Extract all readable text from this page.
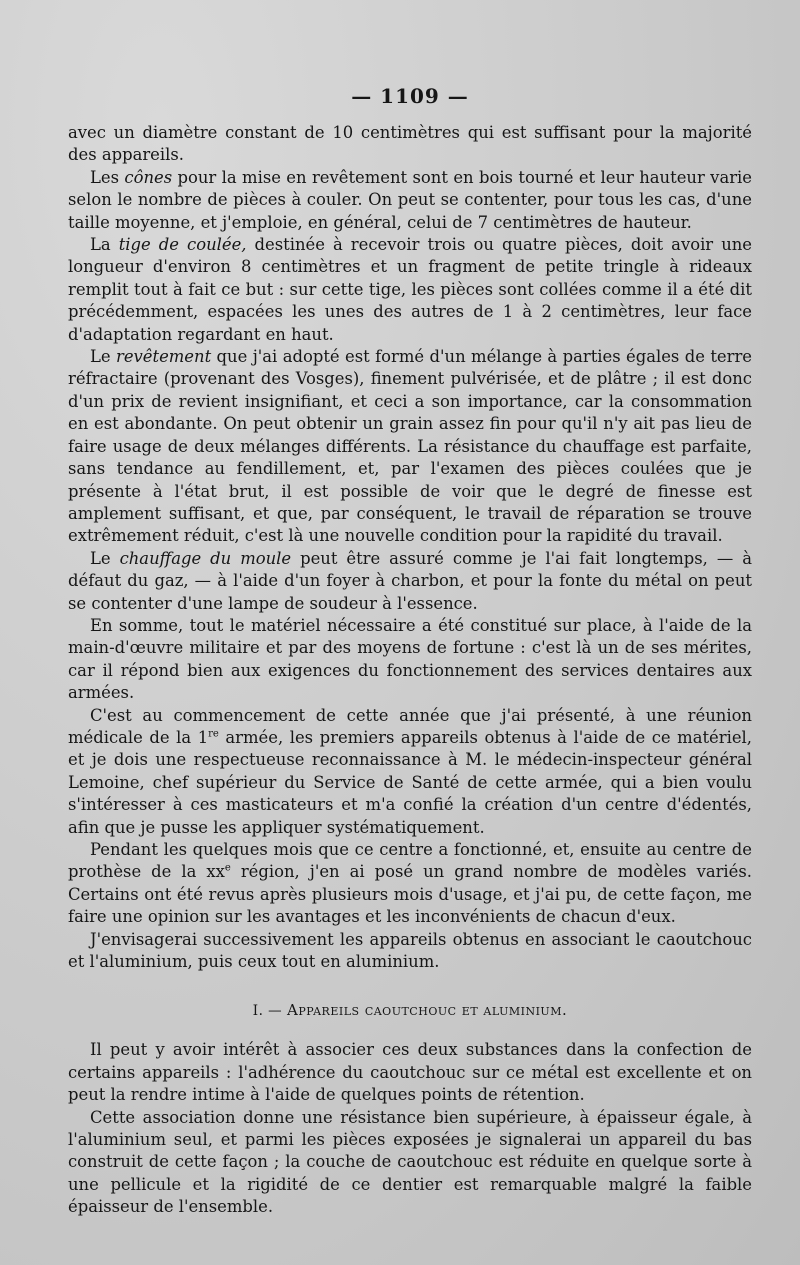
— 1109 —

avec un diamètre constant de 10 centimètres qui est suffisant pour la majorité des appareils.

Les cônes pour la mise en revêtement sont en bois tourné et leur hauteur varie selon le nombre de pièces à couler. On peut se contenter, pour tous les cas, d'une taille moyenne, et j'emploie, en général, celui de 7 centimètres de hauteur.

La tige de coulée, destinée à recevoir trois ou quatre pièces, doit avoir une longueur d'environ 8 centimètres et un fragment de petite tringle à rideaux remplit tout à fait ce but : sur cette tige, les pièces sont collées comme il a été dit précédemment, espacées les unes des autres de 1 à 2 centimètres, leur face d'adaptation regardant en haut.

Le revêtement que j'ai adopté est formé d'un mélange à parties égales de terre réfractaire (provenant des Vosges), finement pulvérisée, et de plâtre ; il est donc d'un prix de revient insignifiant, et ceci a son importance, car la consommation en est abondante. On peut obtenir un grain assez fin pour qu'il n'y ait pas lieu de faire usage de deux mélanges différents. La résistance du chauffage est parfaite, sans tendance au fendillement, et, par l'examen des pièces coulées que je présente à l'état brut, il est possible de voir que le degré de finesse est amplement suffisant, et que, par conséquent, le travail de réparation se trouve extrêmement réduit, c'est là une nouvelle condition pour la rapidité du travail.

Le chauffage du moule peut être assuré comme je l'ai fait longtemps, — à défaut du gaz, — à l'aide d'un foyer à charbon, et pour la fonte du métal on peut se contenter d'une lampe de soudeur à l'essence.

En somme, tout le matériel nécessaire a été constitué sur place, à l'aide de la main-d'œuvre militaire et par des moyens de fortune : c'est là un de ses mérites, car il répond bien aux exigences du fonctionnement des services dentaires aux armées.

C'est au commencement de cette année que j'ai présenté, à une réunion médicale de la 1re armée, les premiers appareils obtenus à l'aide de ce matériel, et je dois une respectueuse reconnaissance à M. le médecin-inspecteur général Lemoine, chef supérieur du Service de Santé de cette armée, qui a bien voulu s'intéresser à ces masticateurs et m'a confié la création d'un centre d'édentés, afin que je pusse les appliquer systématiquement.

Pendant les quelques mois que ce centre a fonctionné, et, ensuite au centre de prothèse de la $xx^e$ région, j'en ai posé un grand nombre de modèles variés. Certains ont été revus après plusieurs mois d'usage, et j'ai pu, de cette façon, me faire une opinion sur les avantages et les inconvénients de chacun d'eux.

J'envisagerai successivement les appareils obtenus en associant le caoutchouc et l'aluminium, puis ceux tout en aluminium.

I. — Appareils caoutchouc et aluminium.

Il peut y avoir intérêt à associer ces deux substances dans la confection de certains appareils : l'adhérence du caoutchouc sur ce métal est excellente et on peut la rendre intime à l'aide de quelques points de rétention.

Cette association donne une résistance bien supérieure, à épaisseur égale, à l'aluminium seul, et parmi les pièces exposées je signalerai un appareil du bas construit de cette façon ; la couche de caoutchouc est réduite en quelque sorte à une pellicule et la rigidité de ce dentier est remarquable malgré la faible épaisseur de l'ensemble.
